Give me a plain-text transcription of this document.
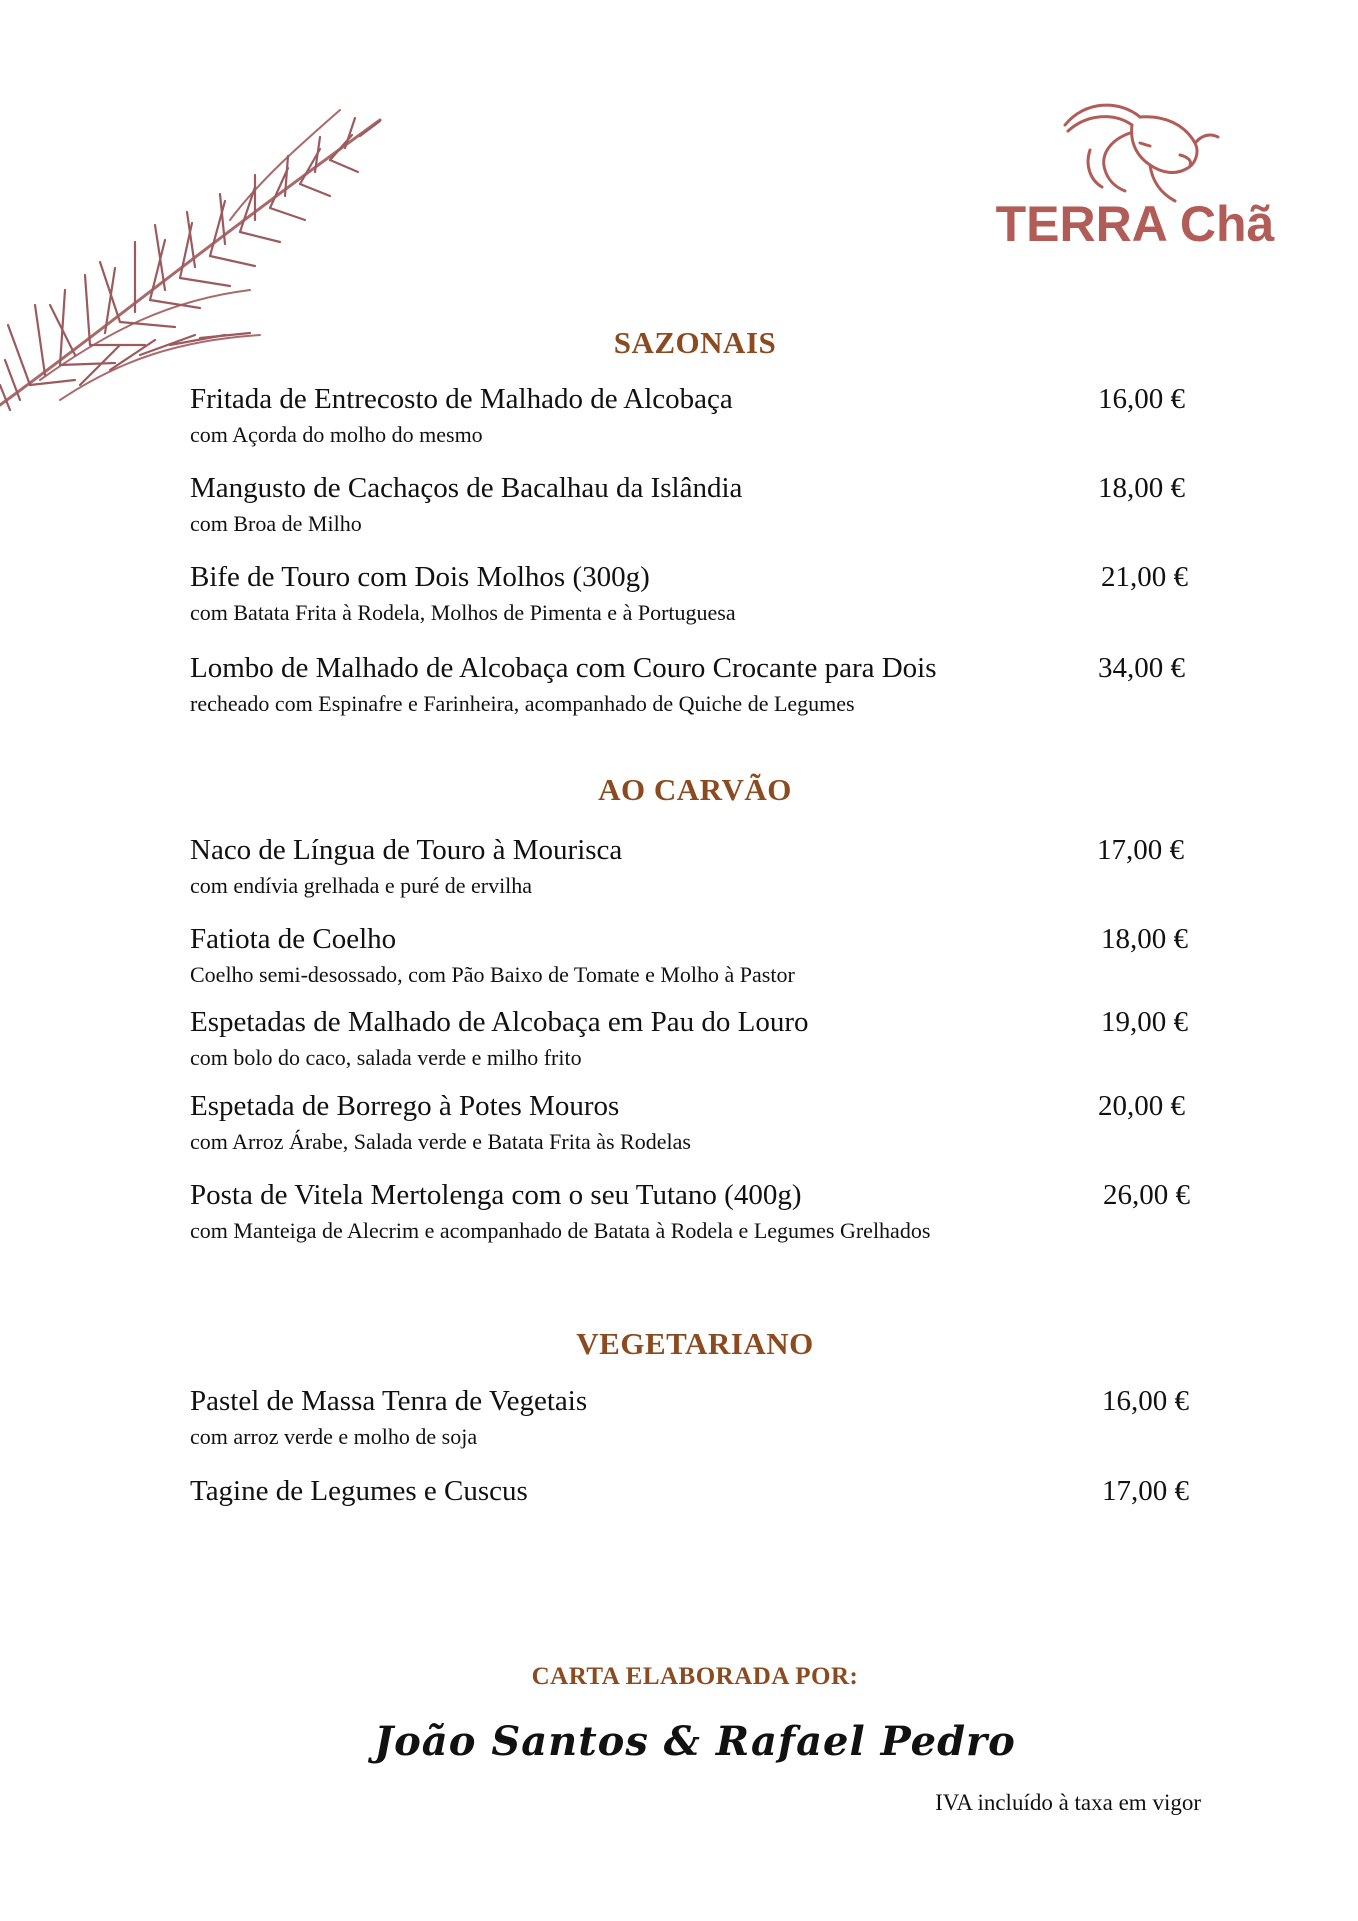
TERRA Chã
SAZONAIS
Fritada de Entrecosto de Malhado de Alcobaça
com Açorda do molho do mesmo
16,00 €
Mangusto de Cachaços de Bacalhau da Islândia
com Broa de Milho
18,00 €
Bife de Touro com Dois Molhos (300g)
com Batata Frita à Rodela, Molhos de Pimenta e à Portuguesa
21,00 €
Lombo de Malhado de Alcobaça com Couro Crocante para Dois
recheado com Espinafre e Farinheira, acompanhado de Quiche de Legumes
34,00 €
AO CARVÃO
Naco de Língua de Touro à Mourisca
com endívia grelhada e puré de ervilha
17,00 €
Fatiota de Coelho
Coelho semi-desossado, com Pão Baixo de Tomate e Molho à Pastor
18,00 €
Espetadas de Malhado de Alcobaça em Pau do Louro
com bolo do caco, salada verde e milho frito
19,00 €
Espetada de Borrego à Potes Mouros
com Arroz Árabe, Salada verde e Batata Frita às Rodelas
20,00 €
Posta de Vitela Mertolenga com o seu Tutano (400g)
com Manteiga de Alecrim e acompanhado de Batata à Rodela e Legumes Grelhados
26,00 €
VEGETARIANO
Pastel de Massa Tenra de Vegetais
com arroz verde e molho de soja
16,00 €
Tagine de Legumes e Cuscus	17,00 €
CARTA ELABORADA POR:
João Santos & Rafael Pedro
IVA incluído à taxa em vigor
